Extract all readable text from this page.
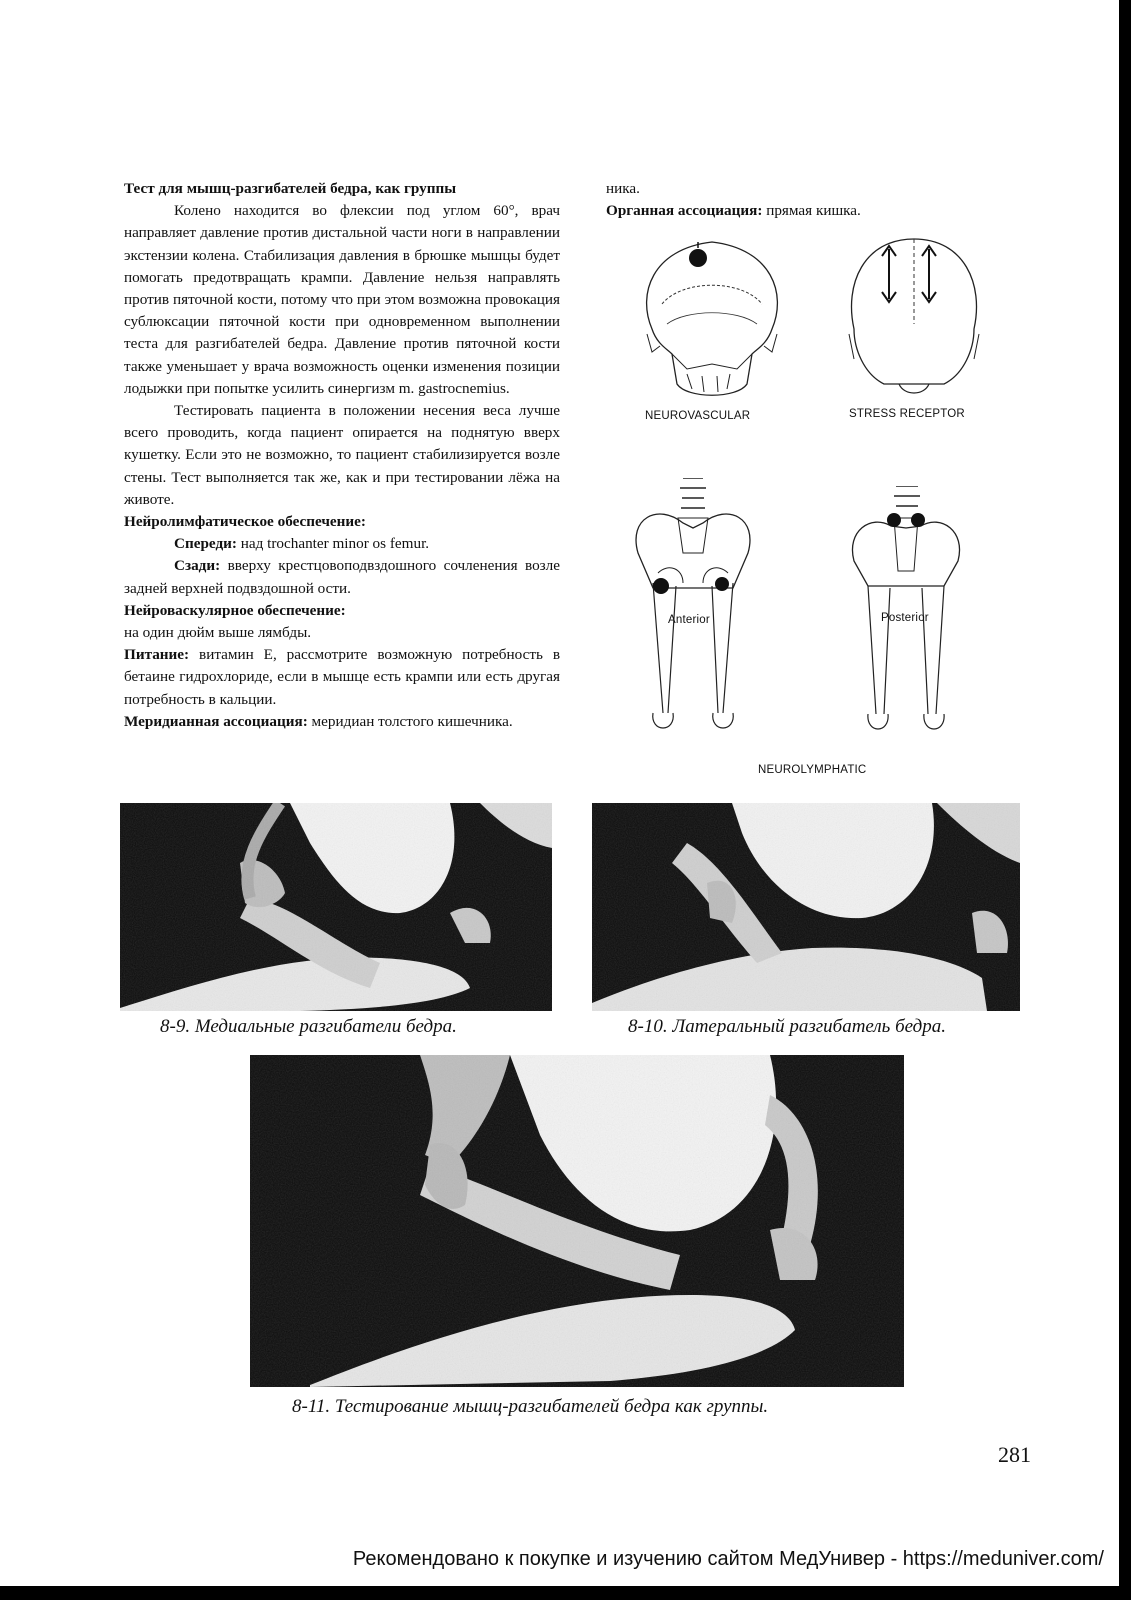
Тест для мышц-разгибателей бедра, как группы

Колено находится во флексии под углом 60°, врач направляет давление против дистальной части ноги в направлении экстензии колена. Стабилизация давления в брюшке мышцы будет помогать предотвращать крампи. Давление нельзя направлять против пяточной кости, потому что при этом возможна провокация сублюксации пяточной кости при одновременном выполнении теста для разгибателей бедра. Давление против пяточной кости также уменьшает у врача возможность оценки изменения позиции лодыжки при попытке усилить синергизм m. gastrocnemius.

Тестировать пациента в положении несения веса лучше всего проводить, когда пациент опирается на поднятую вверх кушетку. Если это не возможно, то пациент стабилизируется возле стены. Тест выполняется так же, как и при тестировании лёжа на животе.

Нейролимфатическое обеспечение:

Спереди: над trochanter minor os femur.

Сзади: вверху крестцовоподвздошного сочленения возле задней верхней подвздошной ости.

Нейроваскулярное обеспечение:

на один дюйм выше лямбды.

Питание: витамин Е, рассмотрите возможную потребность в бетаине гидрохлориде, если в мышце есть крампи или есть другая потребность в кальции.

Меридианная ассоциация: меридиан толстого кишечника.

ника.

Органная ассоциация: прямая кишка.

NEUROVASCULAR	STRESS RECEPTOR
Anterior	Posterior
NEUROLYMPHATIC
8-9. Медиальные разгибатели бедра.	8-10. Латеральный разгибатель бедра.
8-11. Тестирование мышц-разгибателей бедра как группы.
281
Рекомендовано к покупке и изучению сайтом МедУнивер - https://meduniver.com/
